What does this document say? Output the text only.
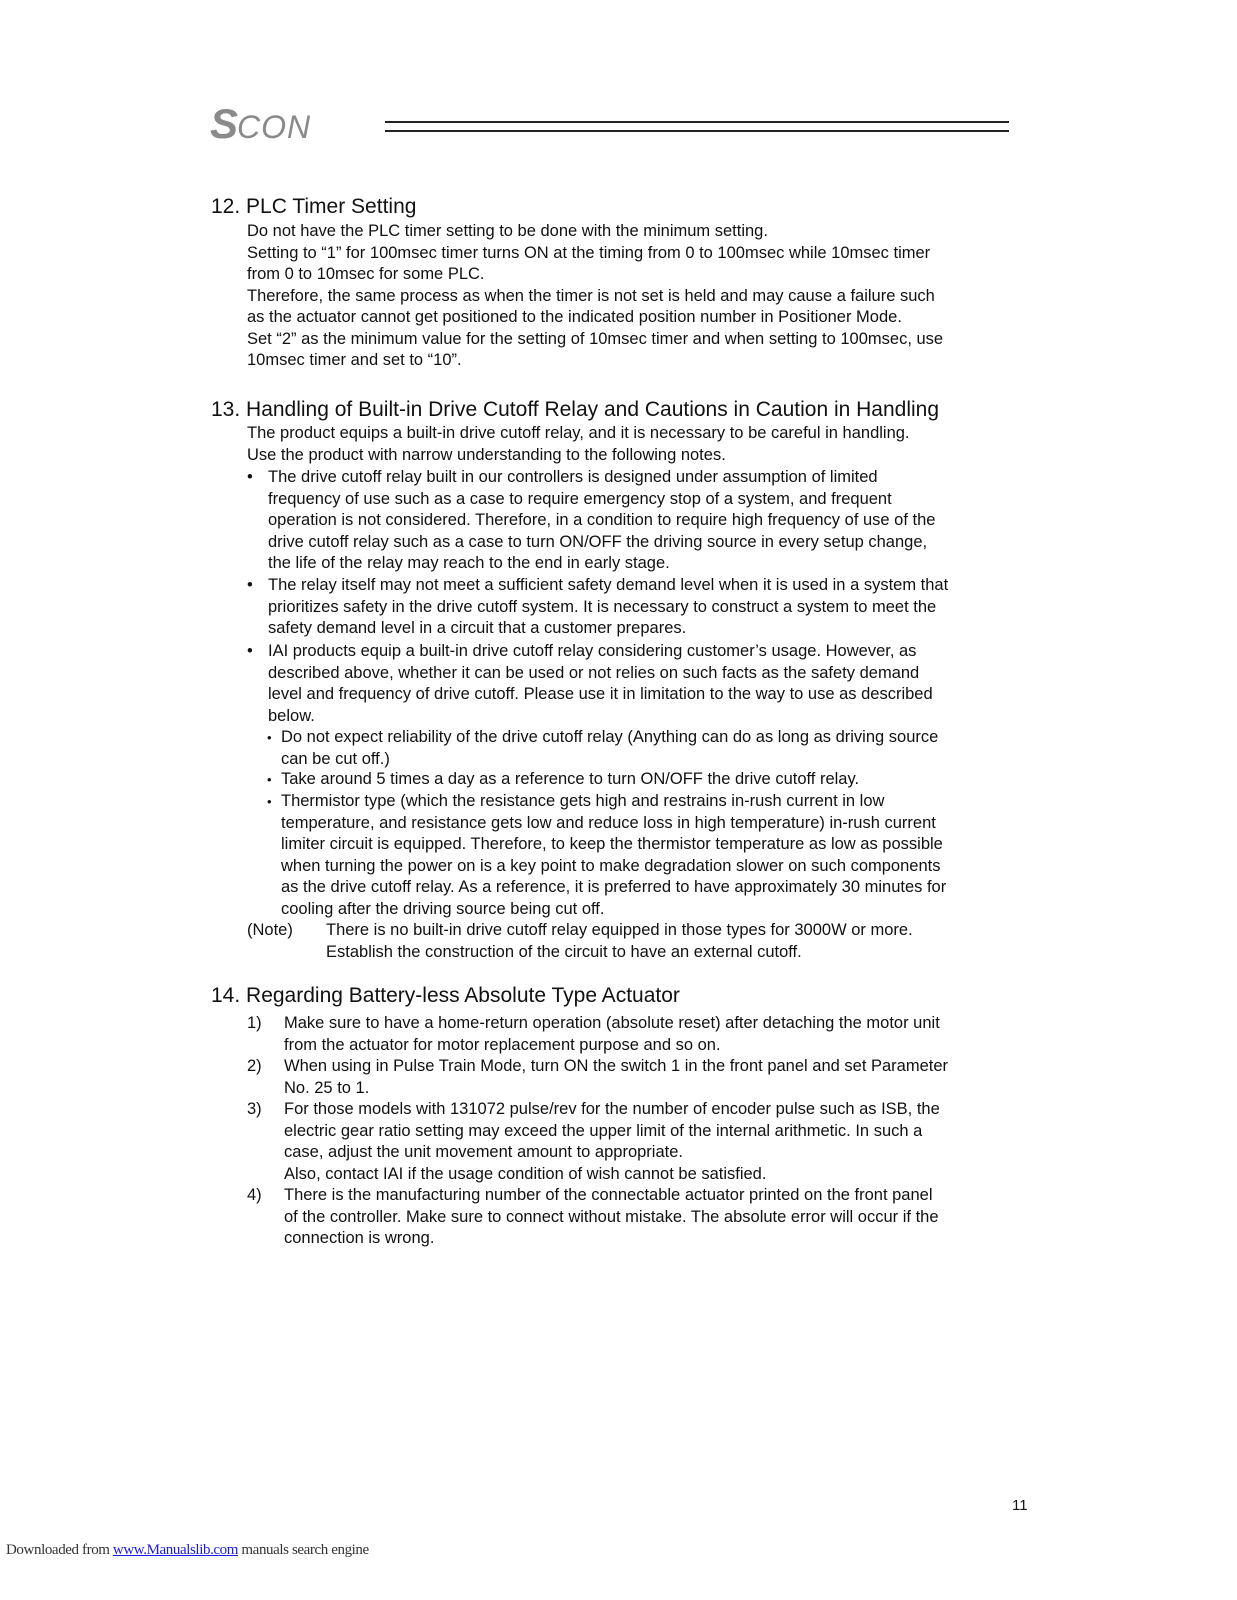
SCON
12. PLC Timer Setting
Do not have the PLC timer setting to be done with the minimum setting.
Setting to “1” for 100msec timer turns ON at the timing from 0 to 100msec while 10msec timer
from 0 to 10msec for some PLC.
Therefore, the same process as when the timer is not set is held and may cause a failure such
as the actuator cannot get positioned to the indicated position number in Positioner Mode.
Set “2” as the minimum value for the setting of 10msec timer and when setting to 100msec, use
10msec timer and set to “10”.
13. Handling of Built-in Drive Cutoff Relay and Cautions in Caution in Handling
The product equips a built-in drive cutoff relay, and it is necessary to be careful in handling.
Use the product with narrow understanding to the following notes.
• The drive cutoff relay built in our controllers is designed under assumption of limited
frequency of use such as a case to require emergency stop of a system, and frequent
operation is not considered. Therefore, in a condition to require high frequency of use of the
drive cutoff relay such as a case to turn ON/OFF the driving source in every setup change,
the life of the relay may reach to the end in early stage.
• The relay itself may not meet a sufficient safety demand level when it is used in a system that
prioritizes safety in the drive cutoff system. It is necessary to construct a system to meet the
safety demand level in a circuit that a customer prepares.
• IAI products equip a built-in drive cutoff relay considering customer’s usage. However, as
described above, whether it can be used or not relies on such facts as the safety demand
level and frequency of drive cutoff. Please use it in limitation to the way to use as described
below.
• Do not expect reliability of the drive cutoff relay (Anything can do as long as driving source
can be cut off.)
• Take around 5 times a day as a reference to turn ON/OFF the drive cutoff relay.
• Thermistor type (which the resistance gets high and restrains in-rush current in low
temperature, and resistance gets low and reduce loss in high temperature) in-rush current
limiter circuit is equipped. Therefore, to keep the thermistor temperature as low as possible
when turning the power on is a key point to make degradation slower on such components
as the drive cutoff relay. As a reference, it is preferred to have approximately 30 minutes for
cooling after the driving source being cut off.
(Note) There is no built-in drive cutoff relay equipped in those types for 3000W or more.
Establish the construction of the circuit to have an external cutoff.
14. Regarding Battery-less Absolute Type Actuator
1) Make sure to have a home-return operation (absolute reset) after detaching the motor unit
from the actuator for motor replacement purpose and so on.
2) When using in Pulse Train Mode, turn ON the switch 1 in the front panel and set Parameter
No. 25 to 1.
3) For those models with 131072 pulse/rev for the number of encoder pulse such as ISB, the
electric gear ratio setting may exceed the upper limit of the internal arithmetic. In such a
case, adjust the unit movement amount to appropriate.
Also, contact IAI if the usage condition of wish cannot be satisfied.
4) There is the manufacturing number of the connectable actuator printed on the front panel
of the controller. Make sure to connect without mistake. The absolute error will occur if the
connection is wrong.
11
Downloaded from www.Manualslib.com manuals search engine
